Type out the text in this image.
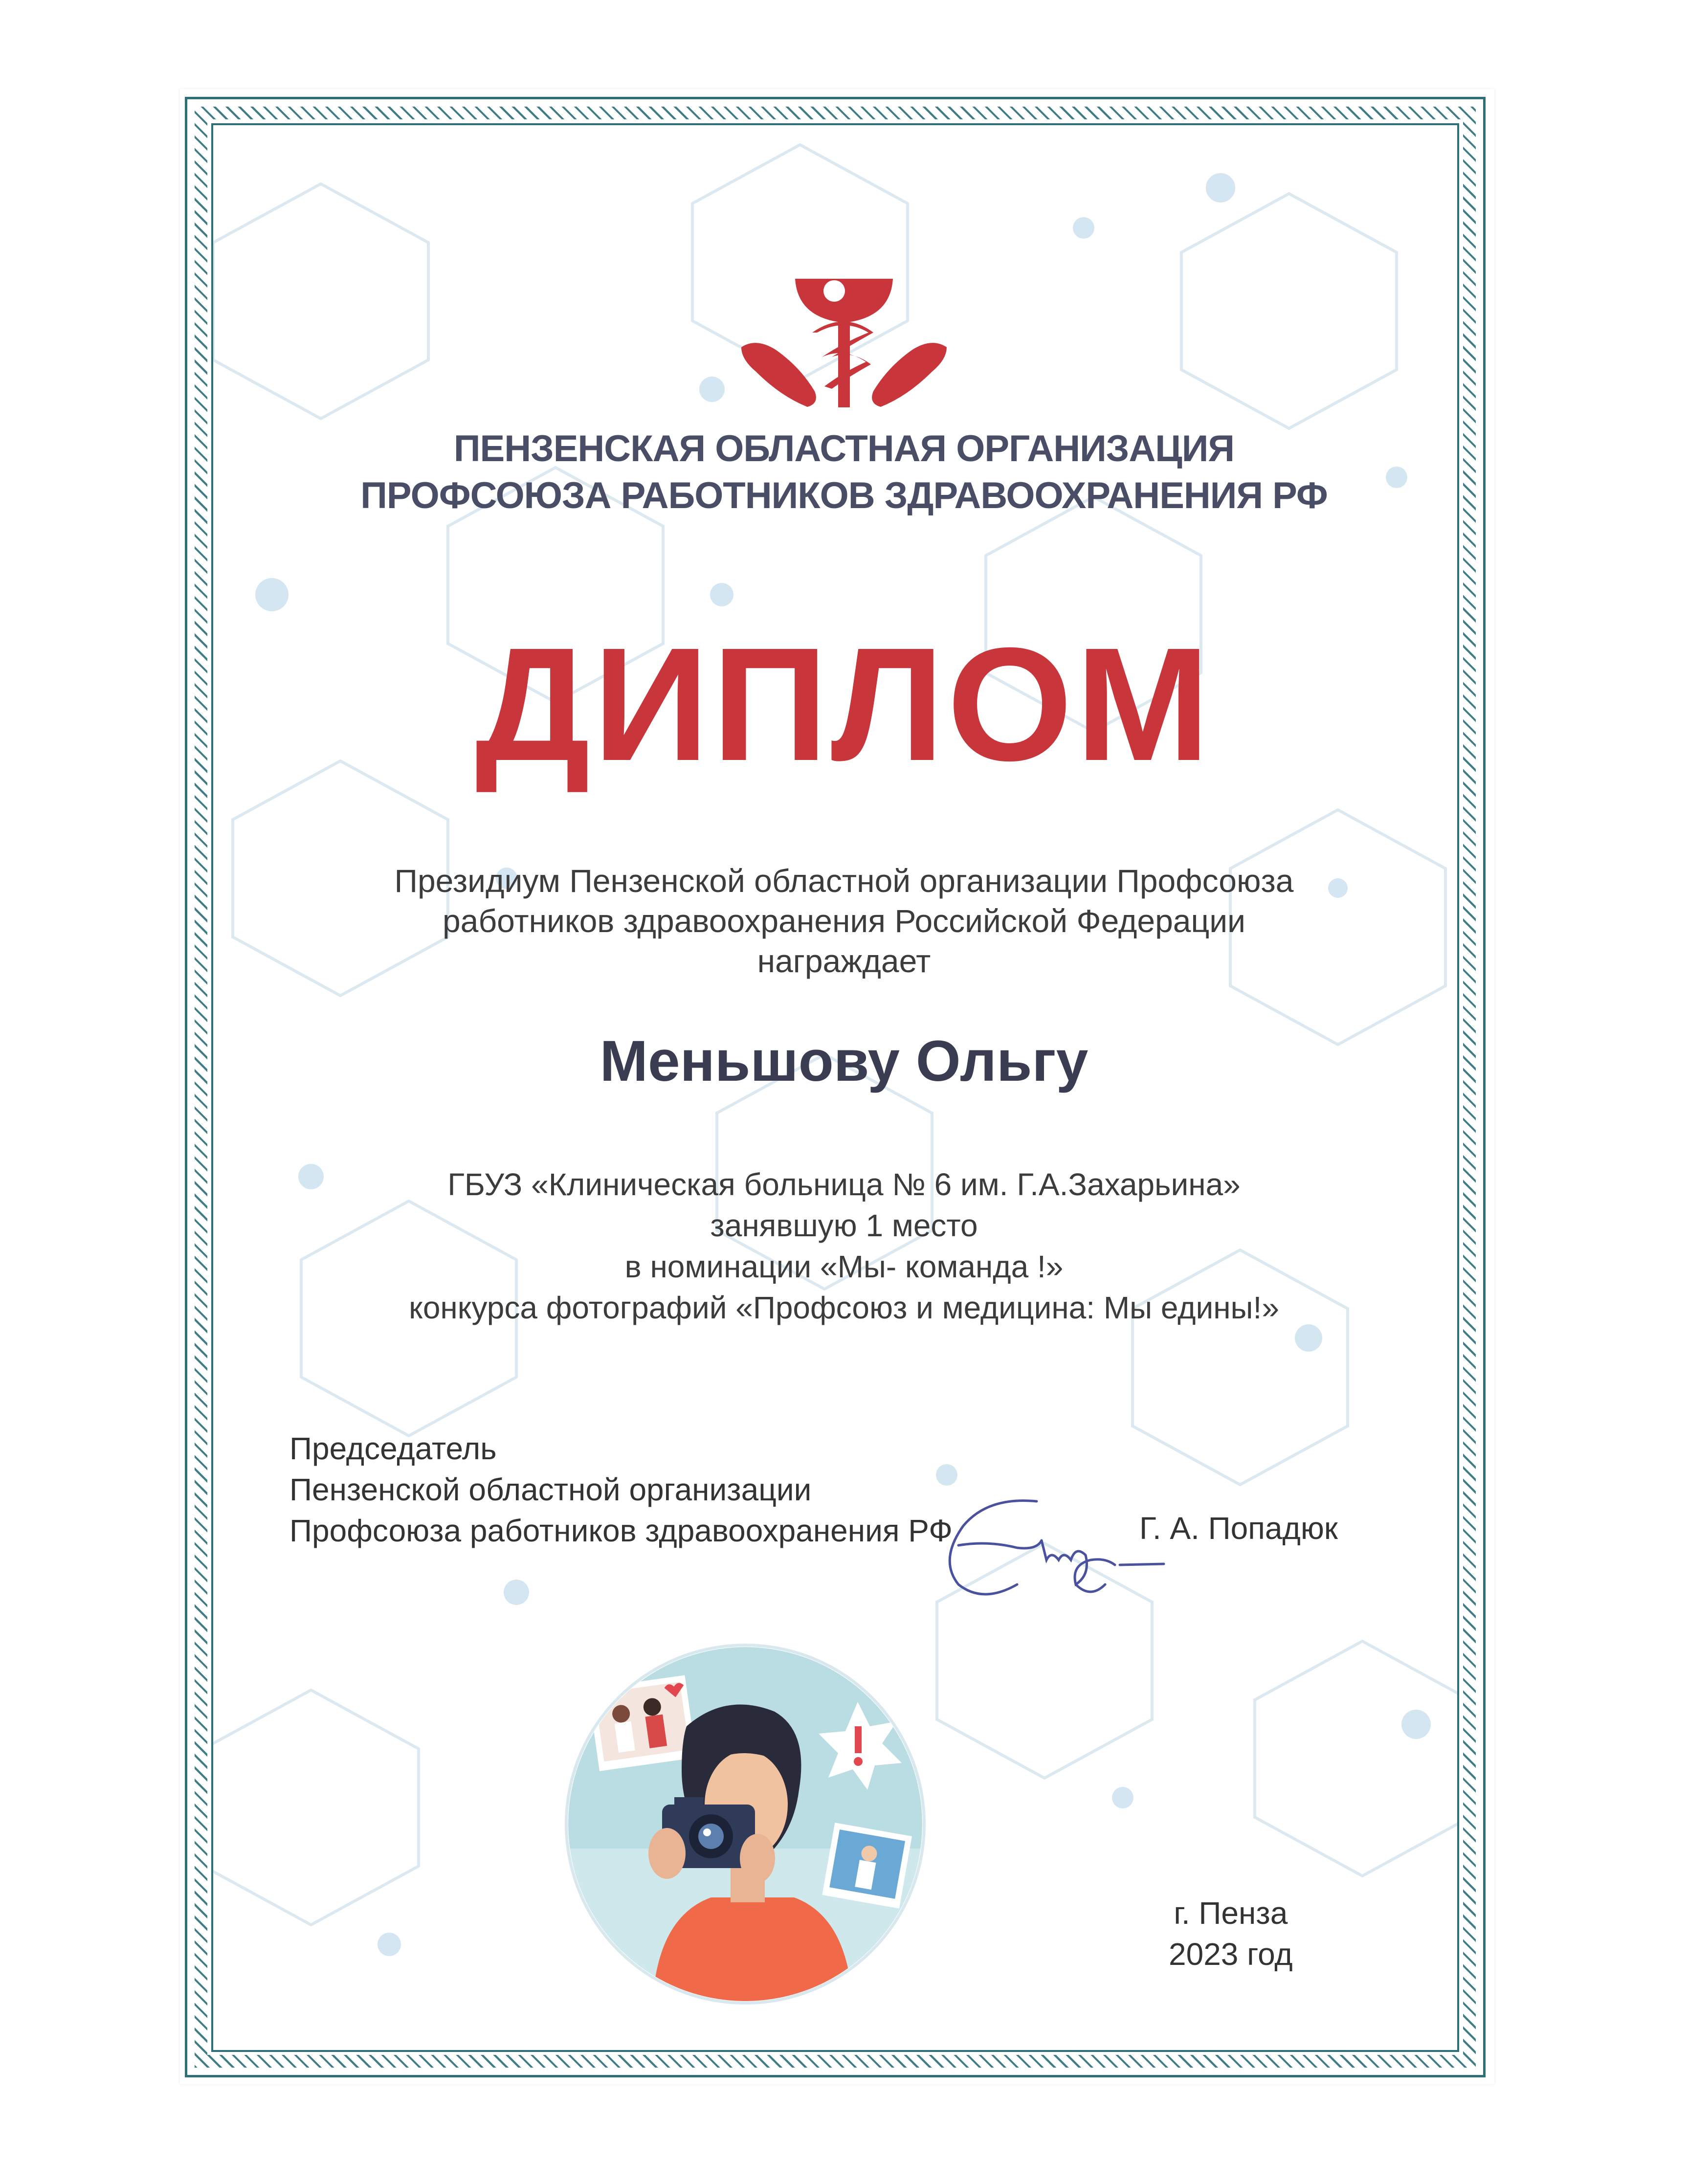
ПЕНЗЕНСКАЯ ОБЛАСТНАЯ ОРГАНИЗАЦИЯ
ПРОФСОЮЗА РАБОТНИКОВ ЗДРАВООХРАНЕНИЯ РФ
ДИПЛОМ
Президиум Пензенской областной организации Профсоюза
работников здравоохранения Российской Федерации
награждает
Меньшову Ольгу
ГБУЗ «Клиническая больница № 6 им. Г.А.Захарьина»
занявшую 1 место
в номинации «Мы- команда !»
конкурса фотографий «Профсоюз и медицина: Мы едины!»
Председатель
Пензенской областной организации
Профсоюза работников здравоохранения РФ	Г. А. Попадюк
г. Пенза
2023 год
